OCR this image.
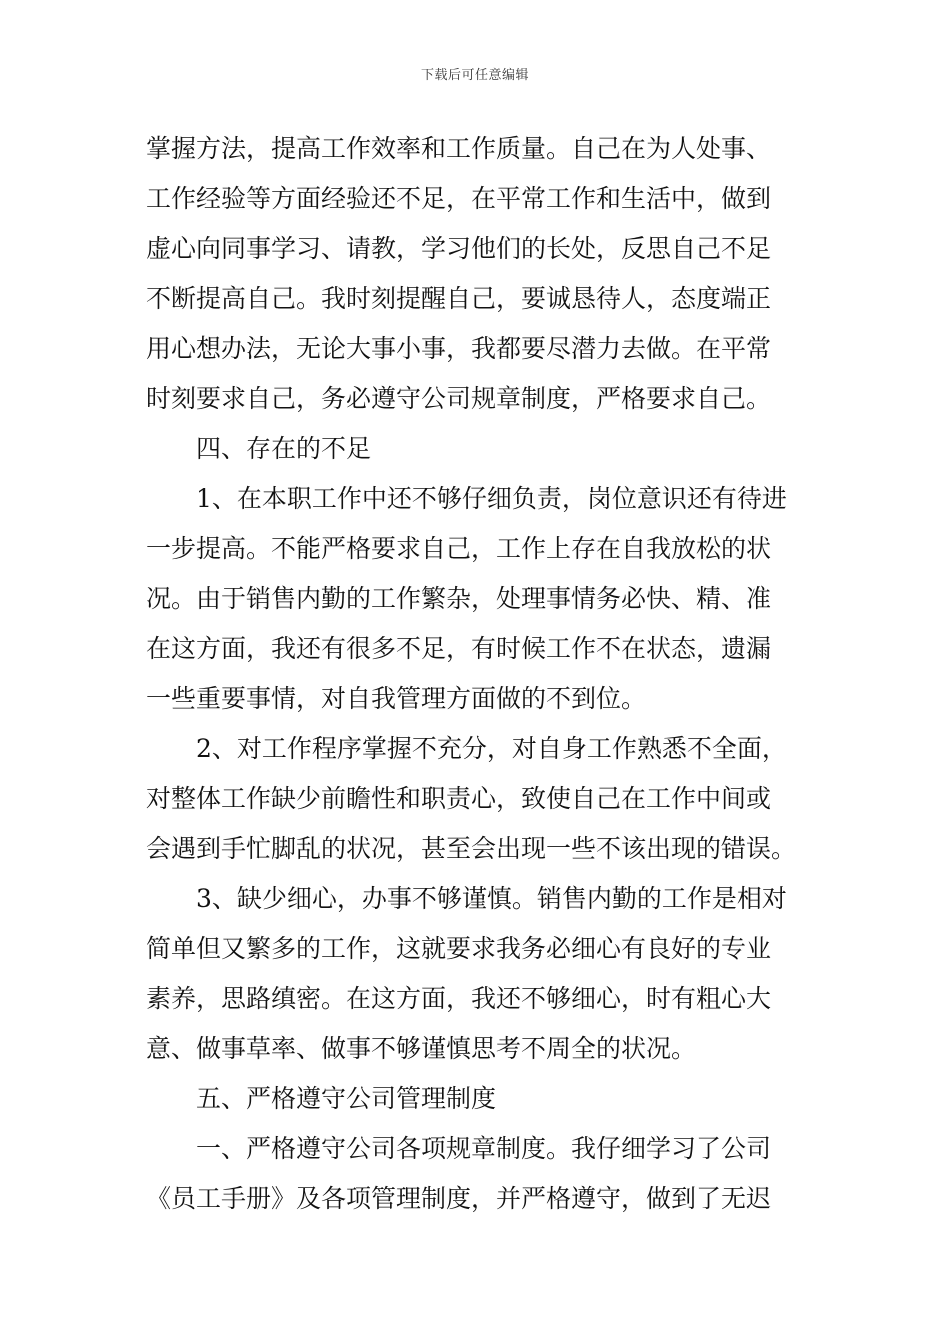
下载后可任意编辑
掌握方法，提高工作效率和工作质量。自己在为人处事、
工作经验等方面经验还不足，在平常工作和生活中，做到
虚心向同事学习、请教，学习他们的长处，反思自己不足
不断提高自己。我时刻提醒自己，要诚恳待人，态度端正
用心想办法，无论大事小事，我都要尽潜力去做。在平常
时刻要求自己，务必遵守公司规章制度，严格要求自己。
四、存在的不足
1、在本职工作中还不够仔细负责，岗位意识还有待进
一步提高。不能严格要求自己，工作上存在自我放松的状
况。由于销售内勤的工作繁杂，处理事情务必快、精、准
在这方面，我还有很多不足，有时候工作不在状态，遗漏
一些重要事情，对自我管理方面做的不到位。
2、对工作程序掌握不充分，对自身工作熟悉不全面，
对整体工作缺少前瞻性和职责心，致使自己在工作中间或
会遇到手忙脚乱的状况，甚至会出现一些不该出现的错误。
3、缺少细心，办事不够谨慎。销售内勤的工作是相对
简单但又繁多的工作，这就要求我务必细心有良好的专业
素养，思路缜密。在这方面，我还不够细心，时有粗心大
意、做事草率、做事不够谨慎思考不周全的状况。
五、严格遵守公司管理制度
一、严格遵守公司各项规章制度。我仔细学习了公司
《员工手册》及各项管理制度，并严格遵守，做到了无迟
